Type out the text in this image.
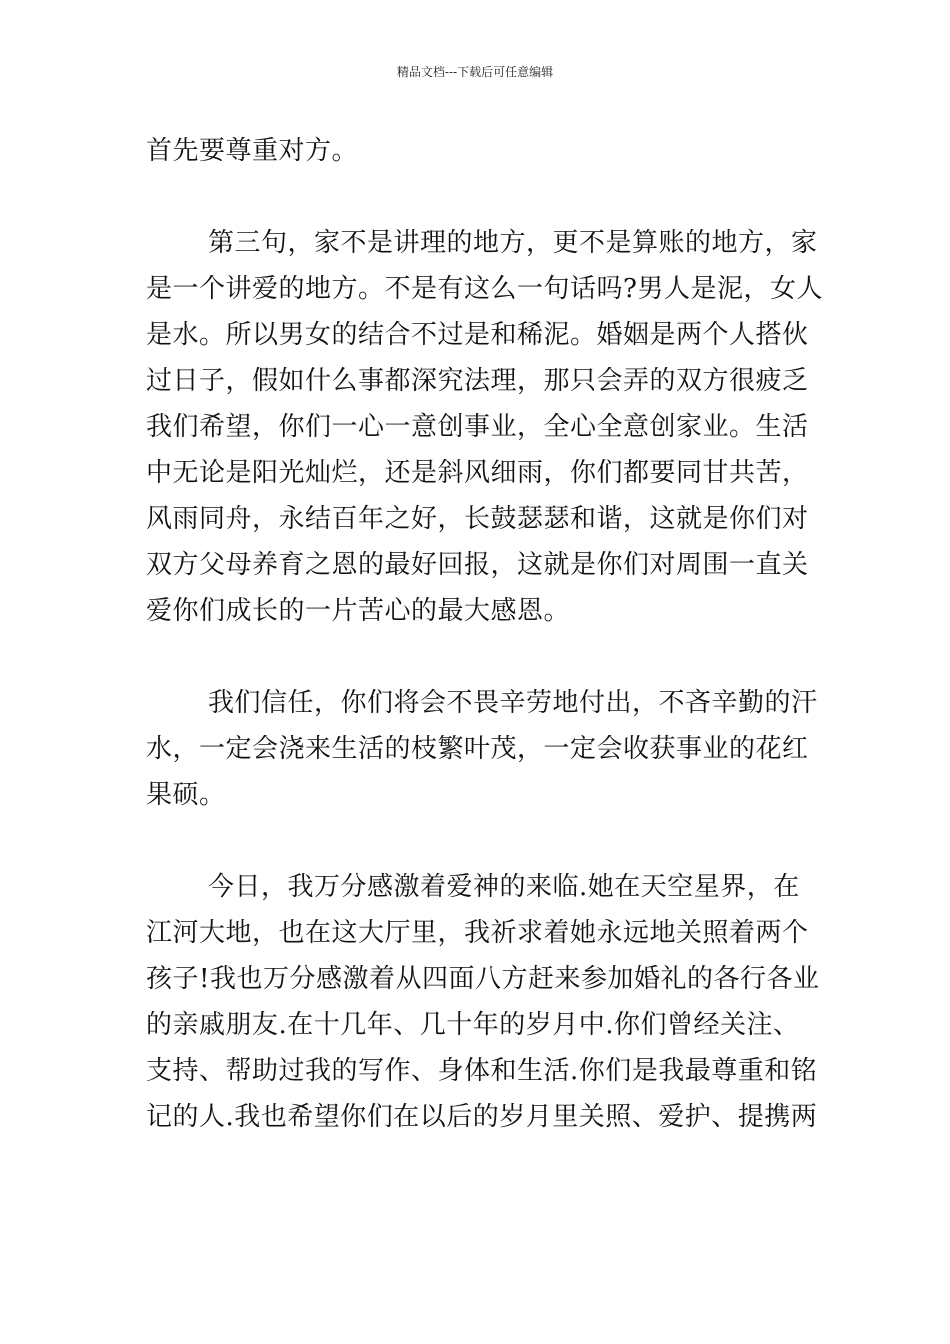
精品文档---下载后可任意编辑
首先要尊重对方。
第三句，家不是讲理的地方，更不是算账的地方，家
是一个讲爱的地方。不是有这么一句话吗?男人是泥，女人
是水。所以男女的结合不过是和稀泥。婚姻是两个人搭伙
过日子，假如什么事都深究法理，那只会弄的双方很疲乏
我们希望，你们一心一意创事业，全心全意创家业。生活
中无论是阳光灿烂，还是斜风细雨，你们都要同甘共苦，
风雨同舟，永结百年之好，长鼓瑟瑟和谐，这就是你们对
双方父母养育之恩的最好回报，这就是你们对周围一直关
爱你们成长的一片苦心的最大感恩。
我们信任，你们将会不畏辛劳地付出，不吝辛勤的汗
水，一定会浇来生活的枝繁叶茂，一定会收获事业的花红
果硕。
今日，我万分感激着爱神的来临.她在天空星界，在
江河大地，也在这大厅里，我祈求着她永远地关照着两个
孩子!我也万分感激着从四面八方赶来参加婚礼的各行各业
的亲戚朋友.在十几年、几十年的岁月中.你们曾经关注、
支持、帮助过我的写作、身体和生活.你们是我最尊重和铭
记的人.我也希望你们在以后的岁月里关照、爱护、提携两
